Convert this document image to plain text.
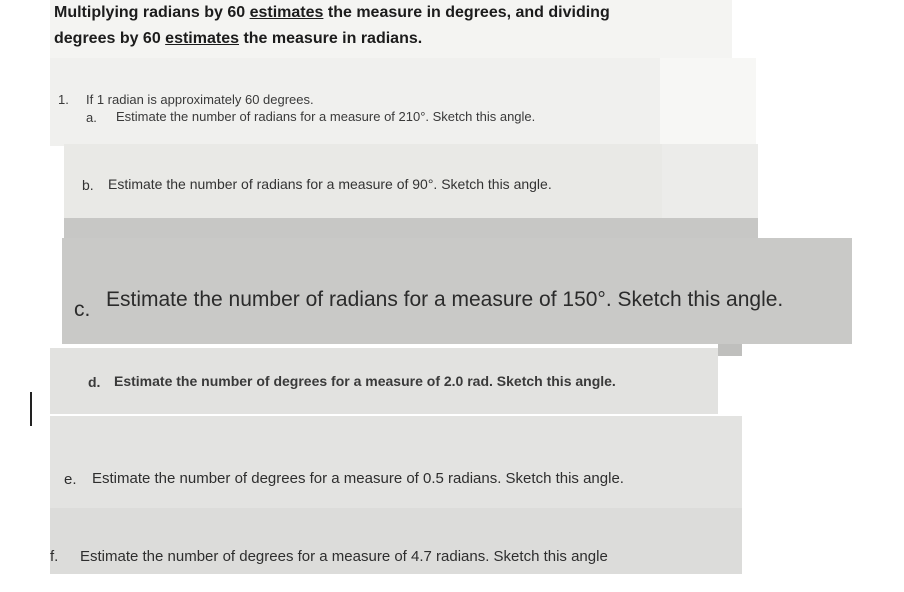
Multiplying radians by 60 estimates the measure in degrees, and dividing
degrees by 60 estimates the measure in radians.
1. If 1 radian is approximately 60 degrees.
a. Estimate the number of radians for a measure of 210°. Sketch this angle.
b. Estimate the number of radians for a measure of 90°. Sketch this angle.
c. Estimate the number of radians for a measure of 150°. Sketch this angle.
d. Estimate the number of degrees for a measure of 2.0 rad. Sketch this angle.
e. Estimate the number of degrees for a measure of 0.5 radians. Sketch this angle.
f. Estimate the number of degrees for a measure of 4.7 radians. Sketch this angle
